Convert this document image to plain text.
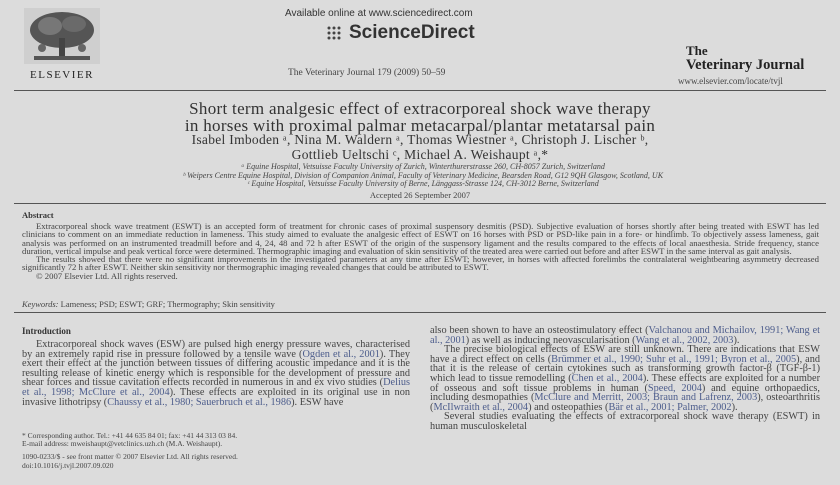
ELSEVIER
Available online at www.sciencedirect.com
ScienceDirect
The Veterinary Journal 179 (2009) 50–59
The
Veterinary Journal
www.elsevier.com/locate/tvjl
Short term analgesic effect of extracorporeal shock wave therapy
in horses with proximal palmar metacarpal/plantar metatarsal pain
Isabel Imboden ᵃ, Nina M. Waldern ᵃ, Thomas Wiestner ᵃ, Christoph J. Lischer ᵇ,
Gottlieb Ueltschi ᶜ, Michael A. Weishaupt ᵃ,*
ᵃ Equine Hospital, Vetsuisse Faculty University of Zurich, Winterthurerstrasse 260, CH-8057 Zurich, Switzerland
ᵇ Weipers Centre Equine Hospital, Division of Companion Animal, Faculty of Veterinary Medicine, Bearsden Road, G12 9QH Glasgow, Scotland, UK
ᶜ Equine Hospital, Vetsuisse Faculty University of Berne, Länggass-Strasse 124, CH-3012 Berne, Switzerland
Accepted 26 September 2007
Abstract

Extracorporeal shock wave treatment (ESWT) is an accepted form of treatment for chronic cases of proximal suspensory desmitis (PSD). Subjective evaluation of horses shortly after being treated with ESWT has led clinicians to comment on an immediate reduction in lameness. This study aimed to evaluate the analgesic effect of ESWT on 16 horses with PSD or PSD-like pain in a fore- or hindlimb. To objectively assess lameness, gait analysis was performed on an instrumented treadmill before and 4, 24, 48 and 72 h after ESWT of the origin of the suspensory ligament and the results compared to the effects of local anaesthesia. Stride frequency, stance duration, vertical impulse and peak vertical force were determined. Thermographic imaging and evaluation of skin sensitivity of the treated area were carried out before and after ESWT in the same interval as gait analysis.

The results showed that there were no significant improvements in the investigated parameters at any time after ESWT; however, in horses with affected forelimbs the contralateral weightbearing asymmetry decreased significantly 72 h after ESWT. Neither skin sensitivity nor thermographic imaging revealed changes that could be attributed to ESWT.

© 2007 Elsevier Ltd. All rights reserved.

Keywords: Lameness; PSD; ESWT; GRF; Thermography; Skin sensitivity
Introduction

Extracorporeal shock waves (ESW) are pulsed high energy pressure waves, characterised by an extremely rapid rise in pressure followed by a tensile wave (Ogden et al., 2001). They exert their effect at the junction between tissues of differing acoustic impedance and it is the resulting release of kinetic energy which is responsible for the development of pressure and shear forces and tissue cavitation effects recorded in numerous in and ex vivo studies (Delius et al., 1998; McClure et al., 2004). These effects are exploited in its original use in non invasive lithotripsy (Chaussy et al., 1980; Sauerbruch et al., 1986). ESW have

* Corresponding author. Tel.: +41 44 635 84 01; fax: +41 44 313 03 84.
E-mail address: mweishaupt@vetclinics.uzh.ch (M.A. Weishaupt).
1090-0233/$ - see front matter © 2007 Elsevier Ltd. All rights reserved.
doi:10.1016/j.tvjl.2007.09.020

also been shown to have an osteostimulatory effect (Valchanou and Michailov, 1991; Wang et al., 2001) as well as inducing neovascularisation (Wang et al., 2002, 2003).

The precise biological effects of ESW are still unknown. There are indications that ESW have a direct effect on cells (Brümmer et al., 1990; Suhr et al., 1991; Byron et al., 2005), and that it is the release of certain cytokines such as transforming growth factor-β (TGF-β-1) which lead to tissue remodelling (Chen et al., 2004). These effects are exploited for a number of osseous and soft tissue problems in human (Speed, 2004) and equine orthopaedics, including desmopathies (McClure and Merritt, 2003; Braun and Lafrenz, 2003), osteoarthritis (McIlwraith et al., 2004) and osteopathies (Bär et al., 2001; Palmer, 2002).

Several studies evaluating the effects of extracorporeal shock wave therapy (ESWT) in human musculoskeletal
